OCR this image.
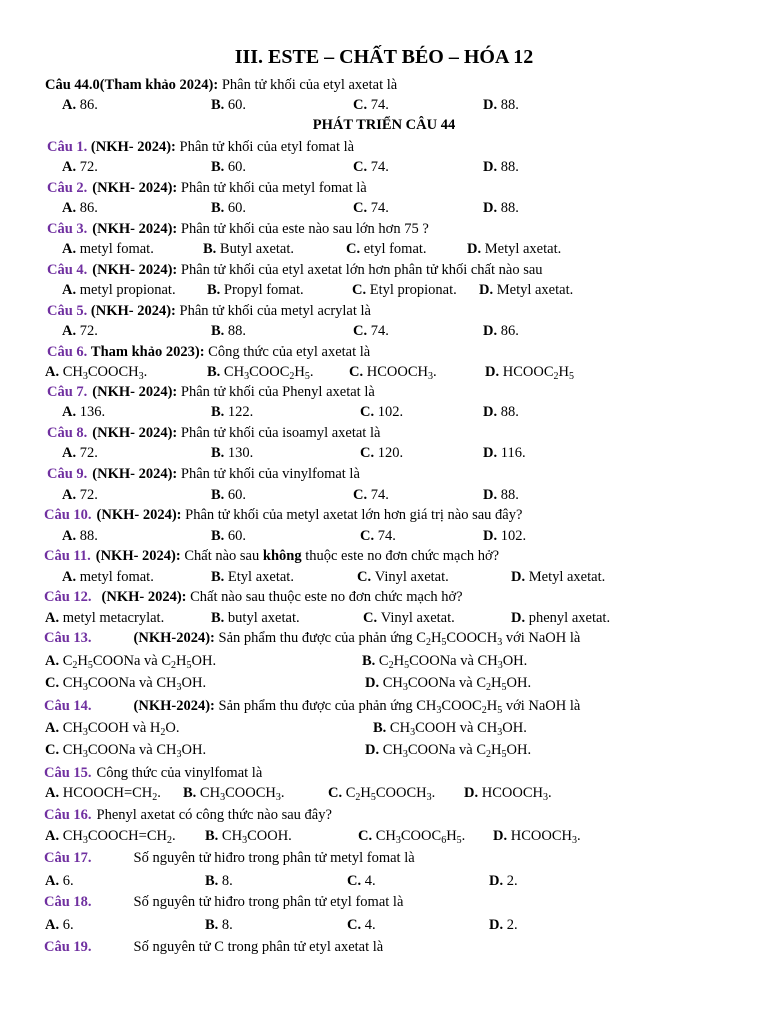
III. ESTE – CHẤT BÉO – HÓA 12
PHÁT TRIỂN CÂU 44
Câu 44.0(Tham khảo 2024): Phân tử khối của etyl axetat là
A. 86.	B. 60.	C. 74.	D. 88.
Câu 1. (NKH- 2024): Phân tử khối của etyl fomat là
A. 72.	B. 60.	C. 74.	D. 88.
Câu 2. (NKH- 2024): Phân tử khối của metyl fomat là
A. 86.	B. 60.	C. 74.	D. 88.
Câu 3. (NKH- 2024): Phân tử khối của este nào sau lớn hơn 75 ?
A. metyl fomat.	B. Butyl axetat.	C. etyl fomat.	D. Metyl axetat.
Câu 4. (NKH- 2024): Phân tử khối của etyl axetat lớn hơn phân tử khối chất nào sau
A. metyl propionat. B. Propyl fomat.	C. Etyl propionat. D. Metyl axetat.
Câu 5. (NKH- 2024): Phân tử khối của metyl acrylat là
A. 72.	B. 88.	C. 74.	D. 86.
Câu 6. Tham khảo 2023): Công thức của etyl axetat là
A. $CH_3COOCH_3$.	B. $CH_3COOC_2H_5$. C. $HCOOCH_3$.	D. $HCOOC_2H_5$
Câu 7. (NKH- 2024): Phân tử khối của Phenyl axetat là
A. 136.	B. 122.	C. 102.	D. 88.
Câu 8. (NKH- 2024): Phân tử khối của isoamyl axetat là
A. 72.	B. 130.	C. 120.	D. 116.
Câu 9. (NKH- 2024): Phân tử khối của vinylfomat là
A. 72.	B. 60.	C. 74.	D. 88.
Câu 10. (NKH- 2024): Phân tử khối của metyl axetat lớn hơn giá trị nào sau đây?
A. 88.	B. 60.	C. 74.	D. 102.
Câu 11. (NKH- 2024): Chất nào sau không thuộc este no đơn chức mạch hở?
A. metyl fomat.	B. Etyl axetat.	C. Vinyl axetat.	D. Metyl axetat.
Câu 12. (NKH- 2024): Chất nào sau thuộc este no đơn chức mạch hở?
A. metyl metacrylat.	B. butyl axetat.	C. Vinyl axetat.	D. phenyl axetat.
Câu 13.	(NKH-2024): Sản phẩm thu được của phản ứng $C_2H_5COOCH_3$ với NaOH là
A. $C_2H_5COONa$ và $C_2H_5OH$.	B. $C_2H_5COONa$ và $CH_3OH$.
C. $CH_3COONa$ và $CH_3OH$.	D. $CH_3COONa$ và $C_2H_5OH$.
Câu 14.	(NKH-2024): Sản phẩm thu được của phản ứng $CH_3COOC_2H_5$ với NaOH là
A. $CH_3COOH$ và $H_2O$.	B. $CH_3COOH$ và $CH_3OH$.
C. $CH_3COONa$ và $CH_3OH$.	D. $CH_3COONa$ và $C_2H_5OH$.
Câu 15. Công thức của vinylfomat là
A. $HCOOCH=CH_2$. B. $CH_3COOCH_3$.	C. $C_2H_5COOCH_3$. D. $HCOOCH_3$.
Câu 16. Phenyl axetat có công thức nào sau đây?
A. $CH_3COOCH=CH_2$. B. $CH_3COOH$.	C. $CH_3COOC_6H_5$. D. $HCOOCH_3$.
Câu 17.	Số nguyên tử hiđro trong phân tử metyl fomat là
A. 6.	B. 8.	C. 4.	D. 2.
Câu 18.	Số nguyên tử hiđro trong phân tử etyl fomat là
A. 6.	B. 8.	C. 4.	D. 2.
Câu 19.	Số nguyên tử C trong phân tử etyl axetat là
